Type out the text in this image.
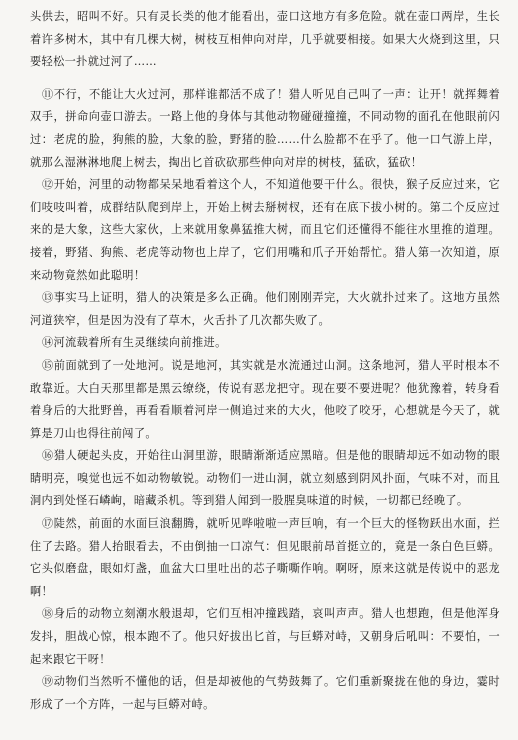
头供去，昭叫不好。只有灵长类的他才能看出，壶口这地方有多危险。就在壶口两岸，生长着许多树木，其中有几棵大树，树枝互相伸向对岸，几乎就要相接。如果大火烧到这里，只要轻松一扑就过河了……

⑪不行，不能让大火过河，那样谁都活不成了！猎人听见自己叫了一声：让开！就挥舞着双手，拼命向壶口游去。一路上他的身体与其他动物碰碰撞撞，不同动物的面孔在他眼前闪过：老虎的脸，狗熊的脸，大象的脸，野猪的脸……什么脸都不在乎了。他一口气游上岸，就那么湿淋淋地爬上树去，掏出匕首砍砍那些伸向对岸的树枝，猛砍，猛砍！

⑫开始，河里的动物都呆呆地看着这个人，不知道他要干什么。很快，猴子反应过来，它们吱吱叫着，成群结队爬到岸上，开始上树去掰树杈，还有在底下拔小树的。第二个反应过来的是大象，这些大家伙，上来就用象鼻猛推大树，而且它们还懂得不能往水里推的道理。接着，野猪、狗熊、老虎等动物也上岸了，它们用嘴和爪子开始帮忙。猎人第一次知道，原来动物竟然如此聪明！

⑬事实马上证明，猎人的决策是多么正确。他们刚刚弄完，大火就扑过来了。这地方虽然河道狭窄，但是因为没有了草木，火舌扑了几次都失败了。

⑭河流载着所有生灵继续向前推进。

⑮前面就到了一处地河。说是地河，其实就是水流通过山洞。这条地河，猎人平时根本不敢靠近。大白天那里都是黑云缭绕，传说有恶龙把守。现在要不要进呢？他犹豫着，转身看着身后的大批野兽，再看看顺着河岸一侧追过来的大火，他咬了咬牙，心想就是今天了，就算是刀山也得往前闯了。

⑯猎人硬起头皮，开始往山洞里游，眼睛渐渐适应黑暗。但是他的眼睛却远不如动物的眼睛明亮，嗅觉也远不如动物敏锐。动物们一进山洞，就立刻感到阴风扑面，气味不对，而且洞内到处怪石嶙峋，暗藏杀机。等到猎人闻到一股腥臭味道的时候，一切都已经晚了。

⑰陡然，前面的水面巨浪翻腾，就听见哗啦啦一声巨响，有一个巨大的怪物跃出水面，拦住了去路。猎人抬眼看去，不由倒抽一口凉气：但见眼前昂首挺立的，竟是一条白色巨蟒。它头似磨盘，眼如灯盏，血盆大口里吐出的芯子嘶嘶作响。啊呀，原来这就是传说中的恶龙啊！

⑱身后的动物立刻潮水般退却，它们互相冲撞践踏，哀叫声声。猎人也想跑，但是他浑身发抖，胆战心惊，根本跑不了。他只好拔出匕首，与巨蟒对峙，又朝身后吼叫：不要怕，一起来跟它干呀！

⑲动物们当然听不懂他的话，但是却被他的气势鼓舞了。它们重新聚拢在他的身边，霎时形成了一个方阵，一起与巨蟒对峙。
